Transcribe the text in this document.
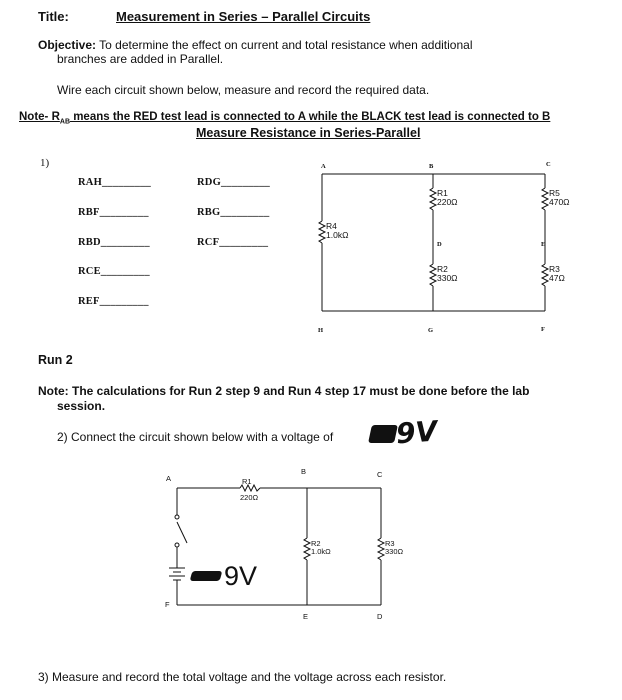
Title:	Measurement in Series – Parallel Circuits
Objective: To determine the effect on current and total resistance when additional
branches are added in Parallel.
Wire each circuit shown below, measure and record the required data.
Note- $R_{AB}$ means the RED test lead is connected to A while the BLACK test lead is connected to B
Measure Resistance in Series-Parallel
1)
RAH_________
RBF_________
RBD_________
RCE_________
REF_________
RDG_________
RBG_________
RCF_________
A	B	C
D	E
F
G
H
R4
1.0kΩ
R1
220Ω
R2
330Ω
R5
470Ω
R3
47Ω
Run 2
Note: The calculations for Run 2 step 9 and Run 4 step 17 must be done before the lab
session.
2) Connect the circuit shown below with a voltage of 9V
A
B	C
D
E
F
R1
220Ω
R2
1.0kΩ
R3
330Ω
9V
3) Measure and record the total voltage and the voltage across each resistor.
